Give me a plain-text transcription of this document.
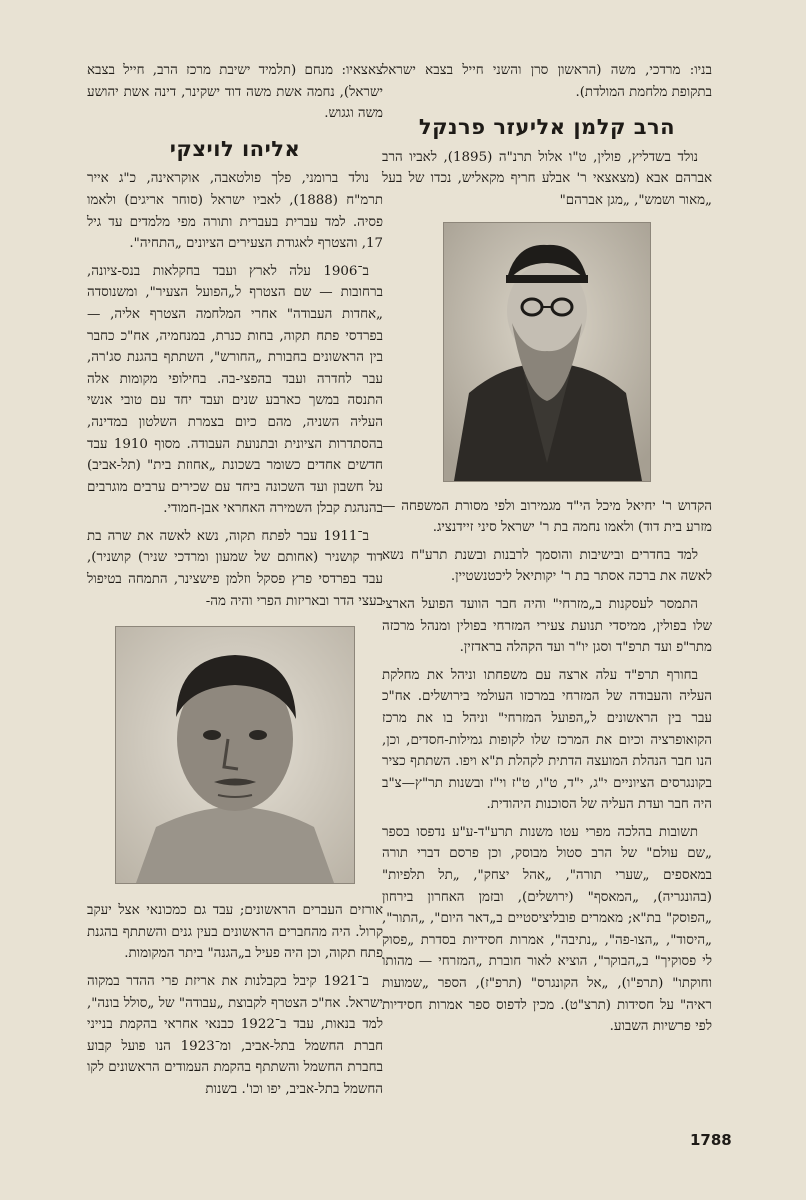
בניו: מרדכי, משה (הראשון סרן והשני חייל בצבא ישראל בתקופת מלחמת המולדת).

הרב קלמן אליעזר פרנקל

נולד בשדליץ, פולין, ט"ו אלול תרנ"ה (1895), לאביו הרב אברהם אבא (מצאצאי ר' אבלע חריף מקאליש, נכדו של בעל „מאור ושמש", „מגן אברהם"

הקדוש ר' יחיאל מיכל הי"ד מגמירוב ולפי מסורת המשפחה — מזרע בית דוד) ולאמו נחמה בת ר' ישראל סיני זיידנציג.

למד בחדרים ובישיבות והוסמך לרבנות ובשנת תרע"ח נשא לאשה את ברכה אסתר בת ר' יקותיאל ליכטנשטיין.

התמסר לעסקנות ב„מזרחי" והיה חבר הוועד הפועל הארצי שלו בפולין, ממיסדי תנועת צעירי המזרחי בפולין ומנהל מרכזה מתר"פ ועד תרפ"ד וסגן יו"ר ועד הקהלה בראדזין.

בחורף תרפ"ד עלה ארצה עם משפחתו וניהל את מחלקת העליה והעבודה של המזרחי במרכזו העולמי בירושלים. אח"כ עבר בין הראשונים ל„הפועל המזרחי" וניהל בו את מרכז הקואופרציה וכיום את המרכז שלו לקופות גמילות-חסדים, וכן, הנו חבר הנהלת המועצה הדתית לקהלת ת"א ויפו. השתתף כציר בקונגרסים הציוניים י"ג, י"ד, ט"ו, ט"ז וי"ז ובשנות תר"ץ—צ"ב היה חבר ועדת העליה של הסוכנות היהודית.

תשובות בהלכה מפרי עטו משנות תרע"ד-ע"ע נדפסו בספר „שם עולם" של הרב סטול מבוסק, וכן פרסם דברי תורה במאספים „שערי תורה", „אהל יצחק", „תל תלפיות" (בהונגריה), „המאסף" (ירושלים), ובזמן האחרון בירחון „הפוסק" בת"א; מאמרים פובליציסטיים ב„דאר היום", „התור", „היסוד", „הצו-פה", „נתיבה", אמרות חסידיות בסדרת „פסוק לי פסוקיך" ב„הבוקר", הוציא לאור חוברת „המזרחי — מהותו וחוקתו" (תרפ"ו), „אל הקונגרס" (תרפ"ז), הספר „שמועות ראיה" על חסידות (תרצ"ט). מכין לדפוס ספר אמרות חסידיות לפי פרשיות השבוע.

צאצאיו: מנחם (תלמיד ישיבת מרכז הרב, חייל בצבא ישראל), נחמה אשת משה דוד ישקינר, דינה אשת יהושע משה וגגוש.

אליהו לויצקי

נולד ברומני, פלך פולטאבה, אוקראינה, כ"ג אייר תרמ"ח (1888), לאביו ישראל (סוחר אריגים) ולאמו פסיה. למד עברית בעברית ותורה מפי מלמדים עד גיל 17, והצטרף לאגודת הצעירים הציונים „התחיה".

ב־1906 עלה לארץ ועבד בחקלאות בנס-ציונה, ברחובות — שם הצטרף ל„הפועל הצעיר", ומשנוסדה „אחדות העבודה" אחרי המלחמה הצטרף אליה, — בפרדסי פתח תקוה, בחות כנרת, במנחמיה, אח"כ כחבר בין הראשונים בחבורת „החורש", השתתף בהגנת סג'רה, עבר לחדרה ועבד בהפצי-בה. בחילופי מקומות אלה התנסה במשך כארבע שנים ועבד יחד עם טובי אנשי העליה השניה, מהם כיום בצמרת השלטון במדינה, בהסתדרות הציונית ובתנועת העבודה. מסוף 1910 עבד חדשים אחדים כשומר בשכונת „אחוזת בית" (תל-אביב) על חשבון ועד השכונה ביחד עם שכירים ערבים מוגרבים בהנהגת קבלן השמירה האחראי אבן-חמודי.

ב־1911 עבר לפתח תקוה, נשא לאשה את שרה בת דוד קושניר (אחותם של שמעון ומרדכי שניר) קושניר), עבד בפרדסי פרץ פסקל וזלמן פישצינר, התמחה בטיפול בעצי הדר ובאריזות הפרי והיה מה-

אורזים העברים הראשונים; עבד גם כמכונאי אצל יעקב קרול. היה מהחברים הראשונים בעין גנים והשתתף בהגנת פתח תקוה, וכן היה פעיל ב„הגנה" ביתר המקומות.

ב־1921 קיבל בקבלנות את אריזת פרי ההדר במקוה ישראל. אח"כ הצטרף לקבוצת „עבודה" של „סולל בונה", למד בנאות, עבד ב־1922 כבנאי אחראי בהקמת בנייני חברת החשמל בתל-אביב, ומ־1923 הנו פועל קבוע בחברת החשמל והשתתף בהקמת העמודים הראשונים לקו החשמל בתל-אביב, יפו וכו'. בשנות

1788
